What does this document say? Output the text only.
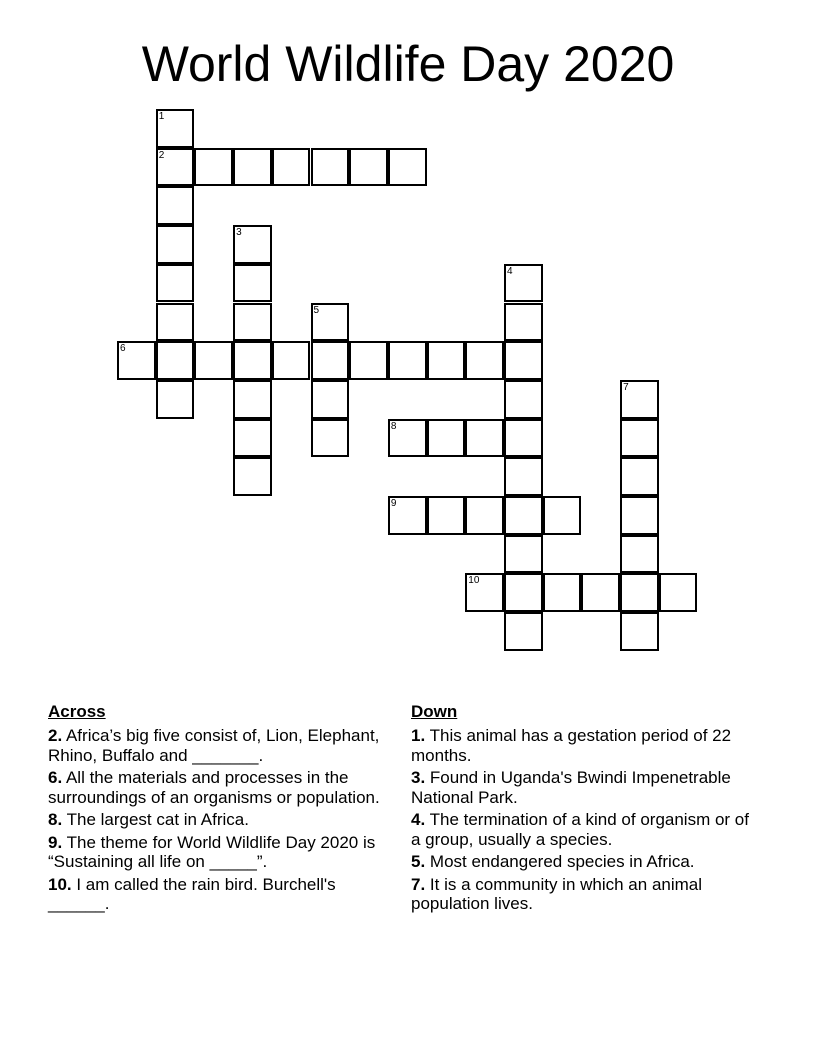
World Wildlife Day 2020
1
2
3
4
5
6
7
8
9
10
Across
2. Africa’s big five consist of, Lion, Elephant, Rhino, Buffalo and _______.
6. All the materials and processes in the surroundings of an organisms or population.
8. The largest cat in Africa.
9. The theme for World Wildlife Day 2020 is “Sustaining all life on _____”.
10. I am called the rain bird. Burchell's ______.
Down
1. This animal has a gestation period of 22 months.
3. Found in Uganda's Bwindi Impenetrable National Park.
4. The termination of a kind of organism or of a group, usually a species.
5. Most endangered species in Africa.
7. It is a community in which an animal population lives.
